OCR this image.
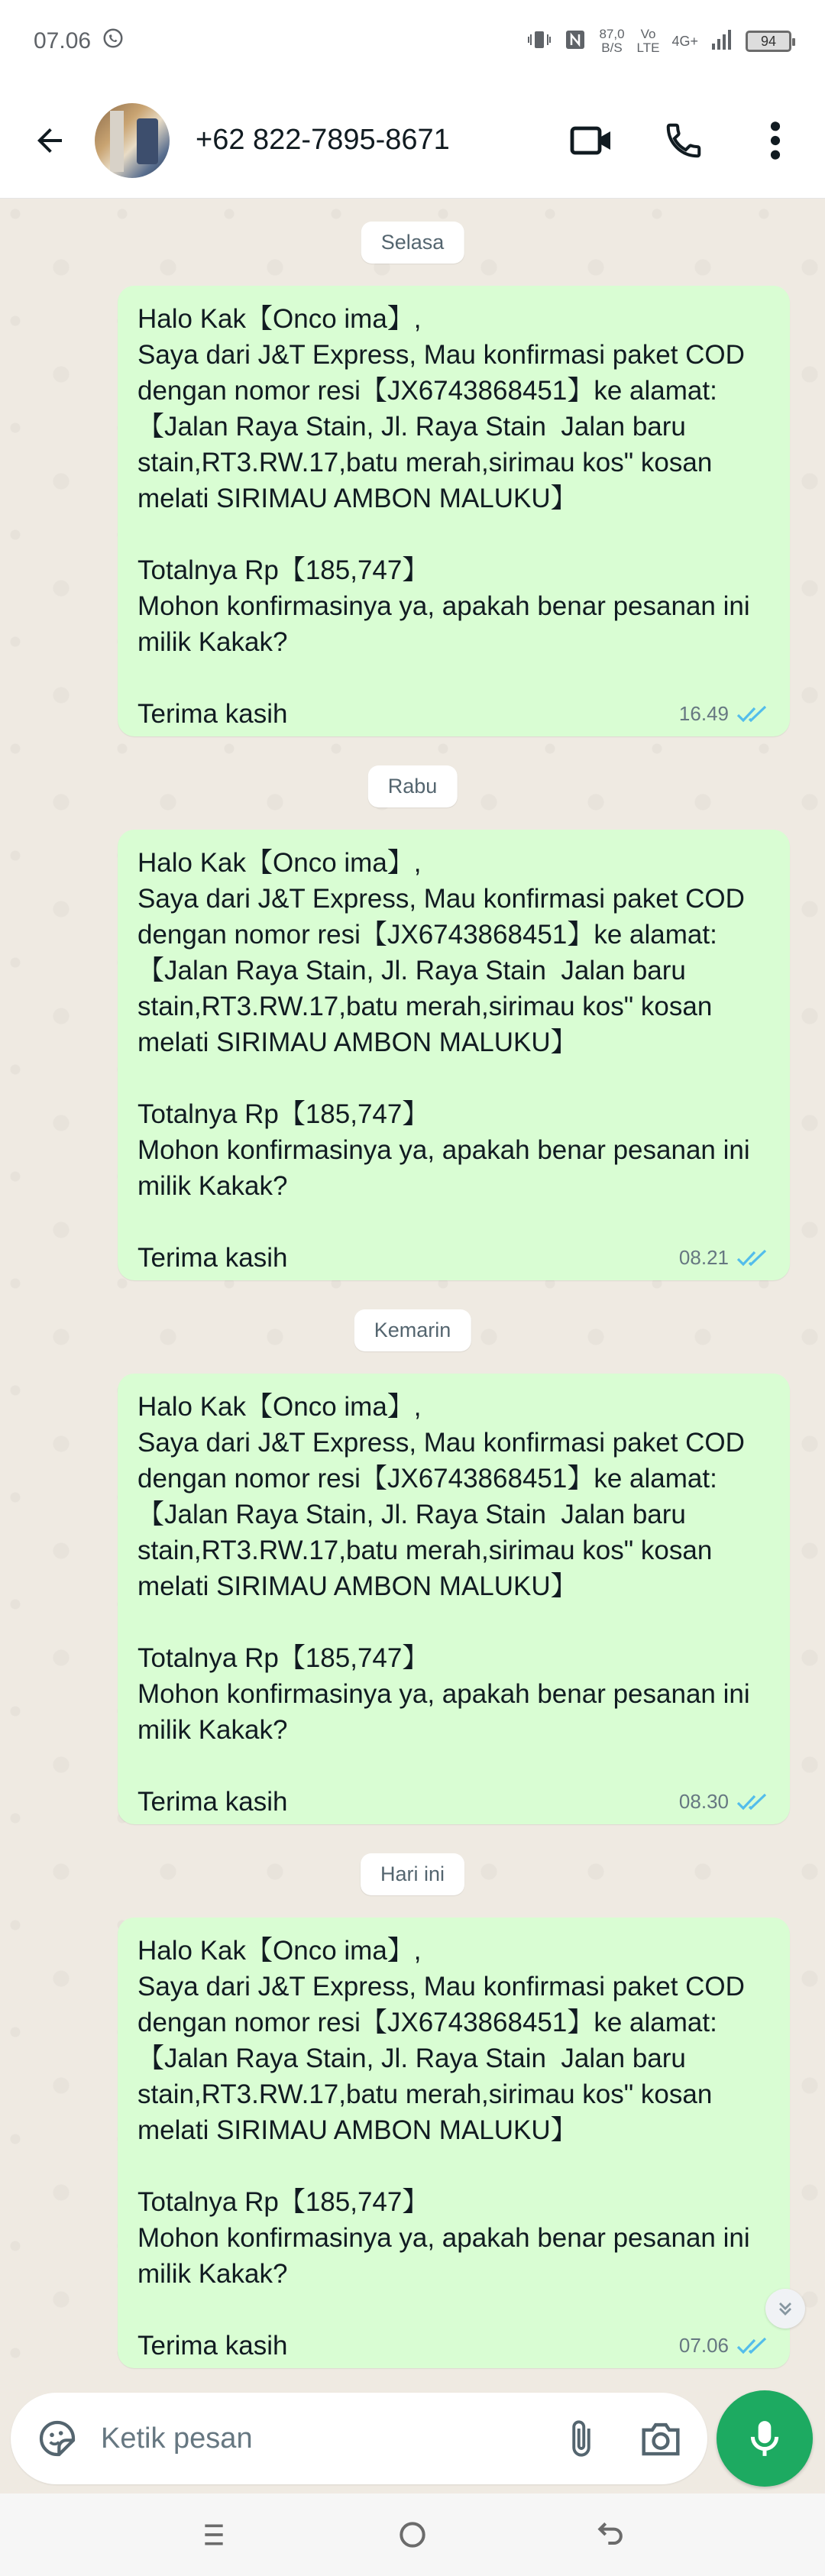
07.06	87,0
B/S
Vo
LTE 4G+	94
+62 822-7895-8671
Selasa
Halo Kak【Onco ima】,
Saya dari J&T Express, Mau konfirmasi paket COD dengan nomor resi【JX6743868451】ke alamat:【Jalan Raya Stain, Jl. Raya Stain  Jalan baru stain,RT3.RW.17,batu merah,sirimau kos" kosan melati SIRIMAU AMBON MALUKU】

Totalnya Rp【185,747】
Mohon konfirmasinya ya, apakah benar pesanan ini milik Kakak?

Terima kasih	16.49
Rabu
Halo Kak【Onco ima】,
Saya dari J&T Express, Mau konfirmasi paket COD dengan nomor resi【JX6743868451】ke alamat:【Jalan Raya Stain, Jl. Raya Stain  Jalan baru stain,RT3.RW.17,batu merah,sirimau kos" kosan melati SIRIMAU AMBON MALUKU】

Totalnya Rp【185,747】
Mohon konfirmasinya ya, apakah benar pesanan ini milik Kakak?

Terima kasih	08.21
Kemarin
Halo Kak【Onco ima】,
Saya dari J&T Express, Mau konfirmasi paket COD dengan nomor resi【JX6743868451】ke alamat:【Jalan Raya Stain, Jl. Raya Stain  Jalan baru stain,RT3.RW.17,batu merah,sirimau kos" kosan melati SIRIMAU AMBON MALUKU】

Totalnya Rp【185,747】
Mohon konfirmasinya ya, apakah benar pesanan ini milik Kakak?

Terima kasih	08.30
Hari ini
Halo Kak【Onco ima】,
Saya dari J&T Express, Mau konfirmasi paket COD dengan nomor resi【JX6743868451】ke alamat:【Jalan Raya Stain, Jl. Raya Stain  Jalan baru stain,RT3.RW.17,batu merah,sirimau kos" kosan melati SIRIMAU AMBON MALUKU】

Totalnya Rp【185,747】
Mohon konfirmasinya ya, apakah benar pesanan ini milik Kakak?

Terima kasih	07.06
Ketik pesan
